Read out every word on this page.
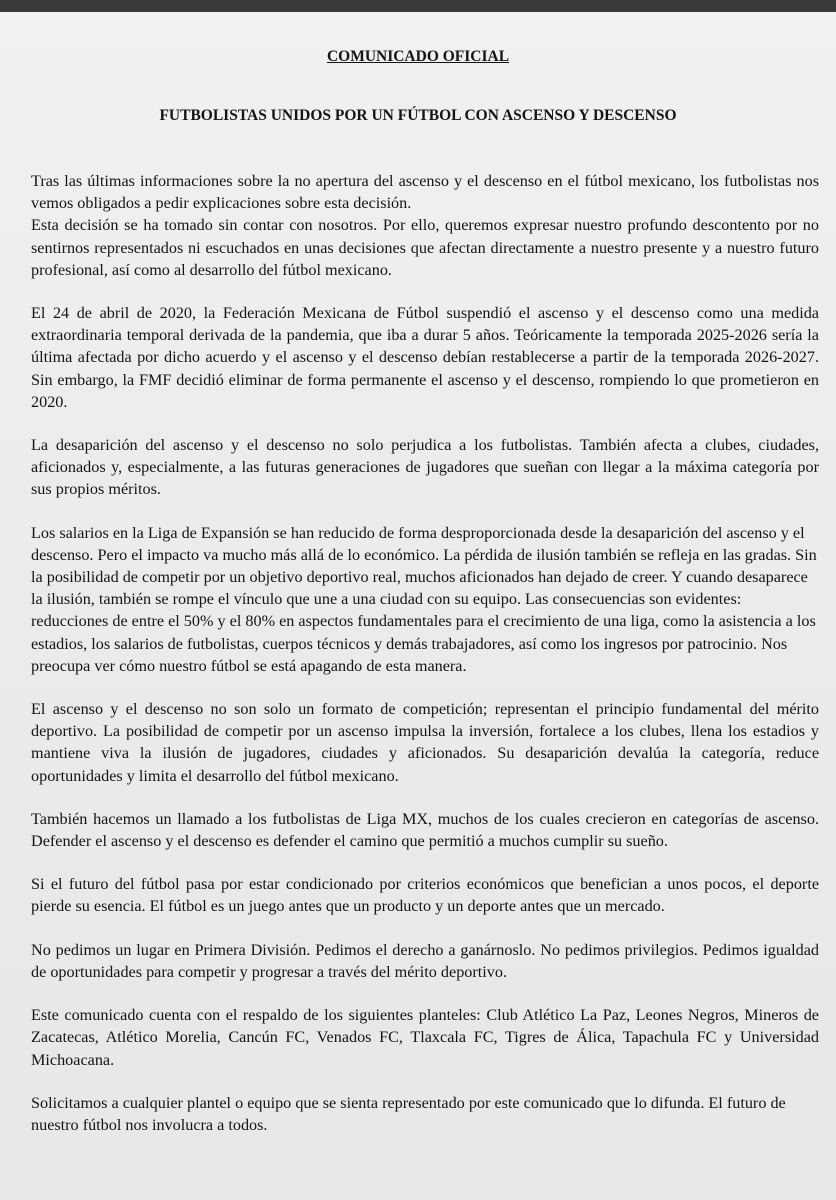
COMUNICADO OFICIAL
FUTBOLISTAS UNIDOS POR UN FÚTBOL CON ASCENSO Y DESCENSO

Tras las últimas informaciones sobre la no apertura del ascenso y el descenso en el fútbol mexicano, los futbolistas nos vemos obligados a pedir explicaciones sobre esta decisión.

Esta decisión se ha tomado sin contar con nosotros. Por ello, queremos expresar nuestro profundo descontento por no sentirnos representados ni escuchados en unas decisiones que afectan directamente a nuestro presente y a nuestro futuro profesional, así como al desarrollo del fútbol mexicano.

El 24 de abril de 2020, la Federación Mexicana de Fútbol suspendió el ascenso y el descenso como una medida extraordinaria temporal derivada de la pandemia, que iba a durar 5 años. Teóricamente la temporada 2025-2026 sería la última afectada por dicho acuerdo y el ascenso y el descenso debían restablecerse a partir de la temporada 2026-2027. Sin embargo, la FMF decidió eliminar de forma permanente el ascenso y el descenso, rompiendo lo que prometieron en 2020.

La desaparición del ascenso y el descenso no solo perjudica a los futbolistas. También afecta a clubes, ciudades, aficionados y, especialmente, a las futuras generaciones de jugadores que sueñan con llegar a la máxima categoría por sus propios méritos.

Los salarios en la Liga de Expansión se han reducido de forma desproporcionada desde la desaparición del ascenso y el descenso. Pero el impacto va mucho más allá de lo económico. La pérdida de ilusión también se refleja en las gradas. Sin la posibilidad de competir por un objetivo deportivo real, muchos aficionados han dejado de creer. Y cuando desaparece la ilusión, también se rompe el vínculo que une a una ciudad con su equipo. Las consecuencias son evidentes: reducciones de entre el 50% y el 80% en aspectos fundamentales para el crecimiento de una liga, como la asistencia a los estadios, los salarios de futbolistas, cuerpos técnicos y demás trabajadores, así como los ingresos por patrocinio. Nos preocupa ver cómo nuestro fútbol se está apagando de esta manera.

El ascenso y el descenso no son solo un formato de competición; representan el principio fundamental del mérito deportivo. La posibilidad de competir por un ascenso impulsa la inversión, fortalece a los clubes, llena los estadios y mantiene viva la ilusión de jugadores, ciudades y aficionados. Su desaparición devalúa la categoría, reduce oportunidades y limita el desarrollo del fútbol mexicano.

También hacemos un llamado a los futbolistas de Liga MX, muchos de los cuales crecieron en categorías de ascenso. Defender el ascenso y el descenso es defender el camino que permitió a muchos cumplir su sueño.

Si el futuro del fútbol pasa por estar condicionado por criterios económicos que benefician a unos pocos, el deporte pierde su esencia. El fútbol es un juego antes que un producto y un deporte antes que un mercado.

No pedimos un lugar en Primera División. Pedimos el derecho a ganárnoslo. No pedimos privilegios. Pedimos igualdad de oportunidades para competir y progresar a través del mérito deportivo.

Este comunicado cuenta con el respaldo de los siguientes planteles: Club Atlético La Paz, Leones Negros, Mineros de Zacatecas, Atlético Morelia, Cancún FC, Venados FC, Tlaxcala FC, Tigres de Álica, Tapachula FC y Universidad Michoacana.

Solicitamos a cualquier plantel o equipo que se sienta representado por este comunicado que lo difunda. El futuro de nuestro fútbol nos involucra a todos.
